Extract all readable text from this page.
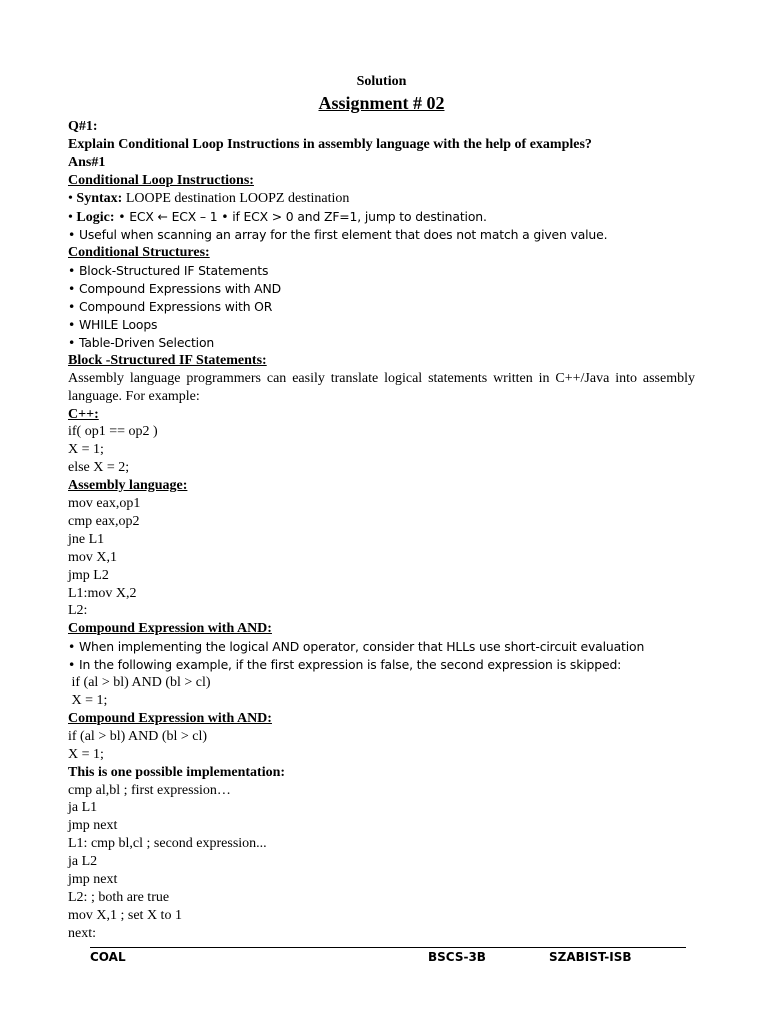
Solution
Assignment # 02
Q#1:
Explain Conditional Loop Instructions in assembly language with the help of examples?
Ans#1
Conditional Loop Instructions:
• Syntax: LOOPE destination LOOPZ destination
• Logic: • ECX ← ECX – 1 • if ECX > 0 and ZF=1, jump to destination.
• Useful when scanning an array for the first element that does not match a given value.
Conditional Structures:
• Block-Structured IF Statements
• Compound Expressions with AND
• Compound Expressions with OR
• WHILE Loops
• Table-Driven Selection
Block -Structured IF Statements:
Assembly language programmers can easily translate logical statements written in C++/Java into assembly language. For example:
C++:
if( op1 == op2 )
X = 1;
else X = 2;
Assembly language:
mov eax,op1
cmp eax,op2
jne L1
mov X,1
jmp L2
L1:mov X,2
L2:
Compound Expression with AND:
• When implementing the logical AND operator, consider that HLLs use short-circuit evaluation
• In the following example, if the first expression is false, the second expression is skipped:
if (al > bl) AND (bl > cl)
X = 1;
Compound Expression with AND:
if (al > bl) AND (bl > cl)
X = 1;
This is one possible implementation:
cmp al,bl ; first expression…
ja L1
jmp next
L1: cmp bl,cl ; second expression...
ja L2
jmp next
L2: ; both are true
mov X,1 ; set X to 1
next:
COAL	BSCS-3B	SZABIST-ISB
